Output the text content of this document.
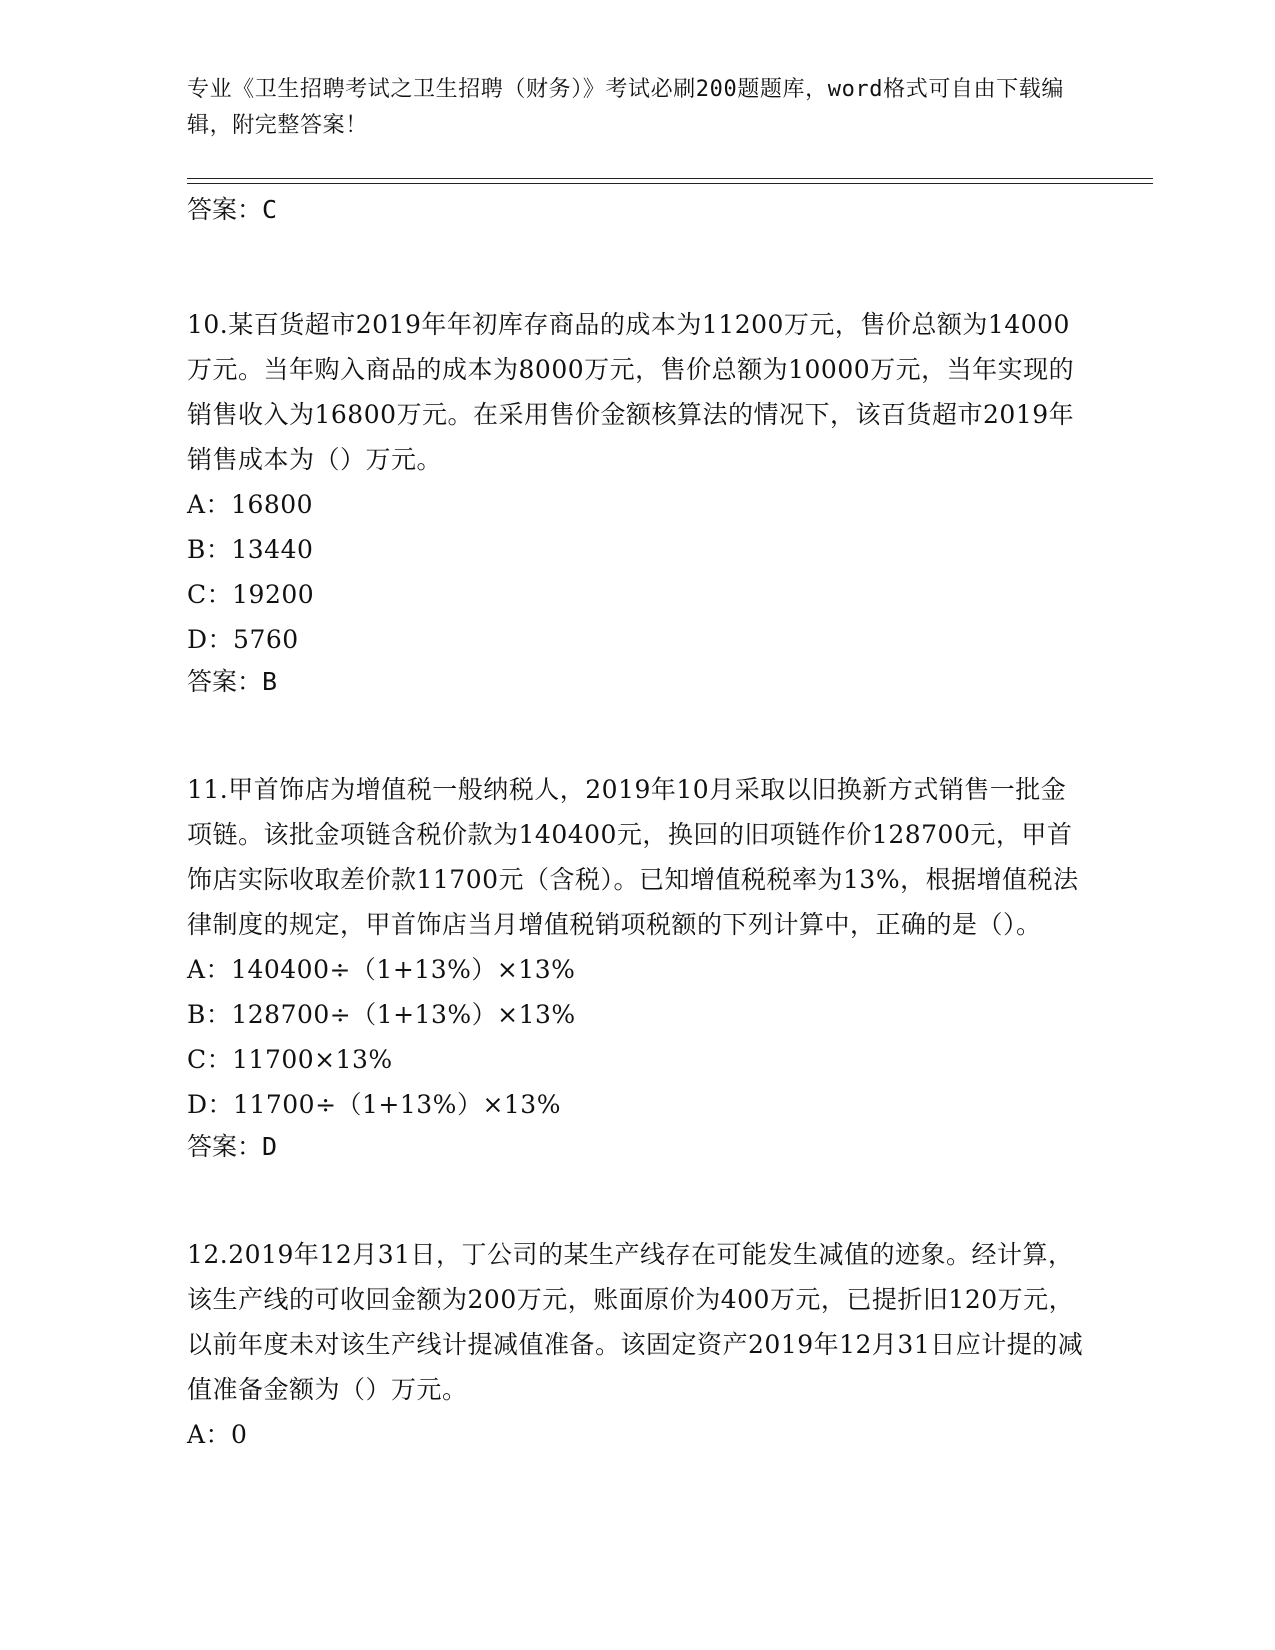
专业《卫生招聘考试之卫生招聘（财务）》考试必刷200题题库，word格式可自由下载编辑，附完整答案！
答案：C
10.某百货超市2019年年初库存商品的成本为11200万元，售价总额为14000万元。当年购入商品的成本为8000万元，售价总额为10000万元，当年实现的销售收入为16800万元。在采用售价金额核算法的情况下，该百货超市2019年销售成本为（）万元。
A：16800
B：13440
C：19200
D：5760
答案：B
11.甲首饰店为增值税一般纳税人，2019年10月采取以旧换新方式销售一批金项链。该批金项链含税价款为140400元，换回的旧项链作价128700元，甲首饰店实际收取差价款11700元（含税）。已知增值税税率为13%，根据增值税法律制度的规定，甲首饰店当月增值税销项税额的下列计算中，正确的是（）。
A：140400÷（1+13%）×13%
B：128700÷（1+13%）×13%
C：11700×13%
D：11700÷（1+13%）×13%
答案：D
12.2019年12月31日，丁公司的某生产线存在可能发生减值的迹象。经计算，该生产线的可收回金额为200万元，账面原价为400万元，已提折旧120万元，以前年度未对该生产线计提减值准备。该固定资产2019年12月31日应计提的减值准备金额为（）万元。
A：0
